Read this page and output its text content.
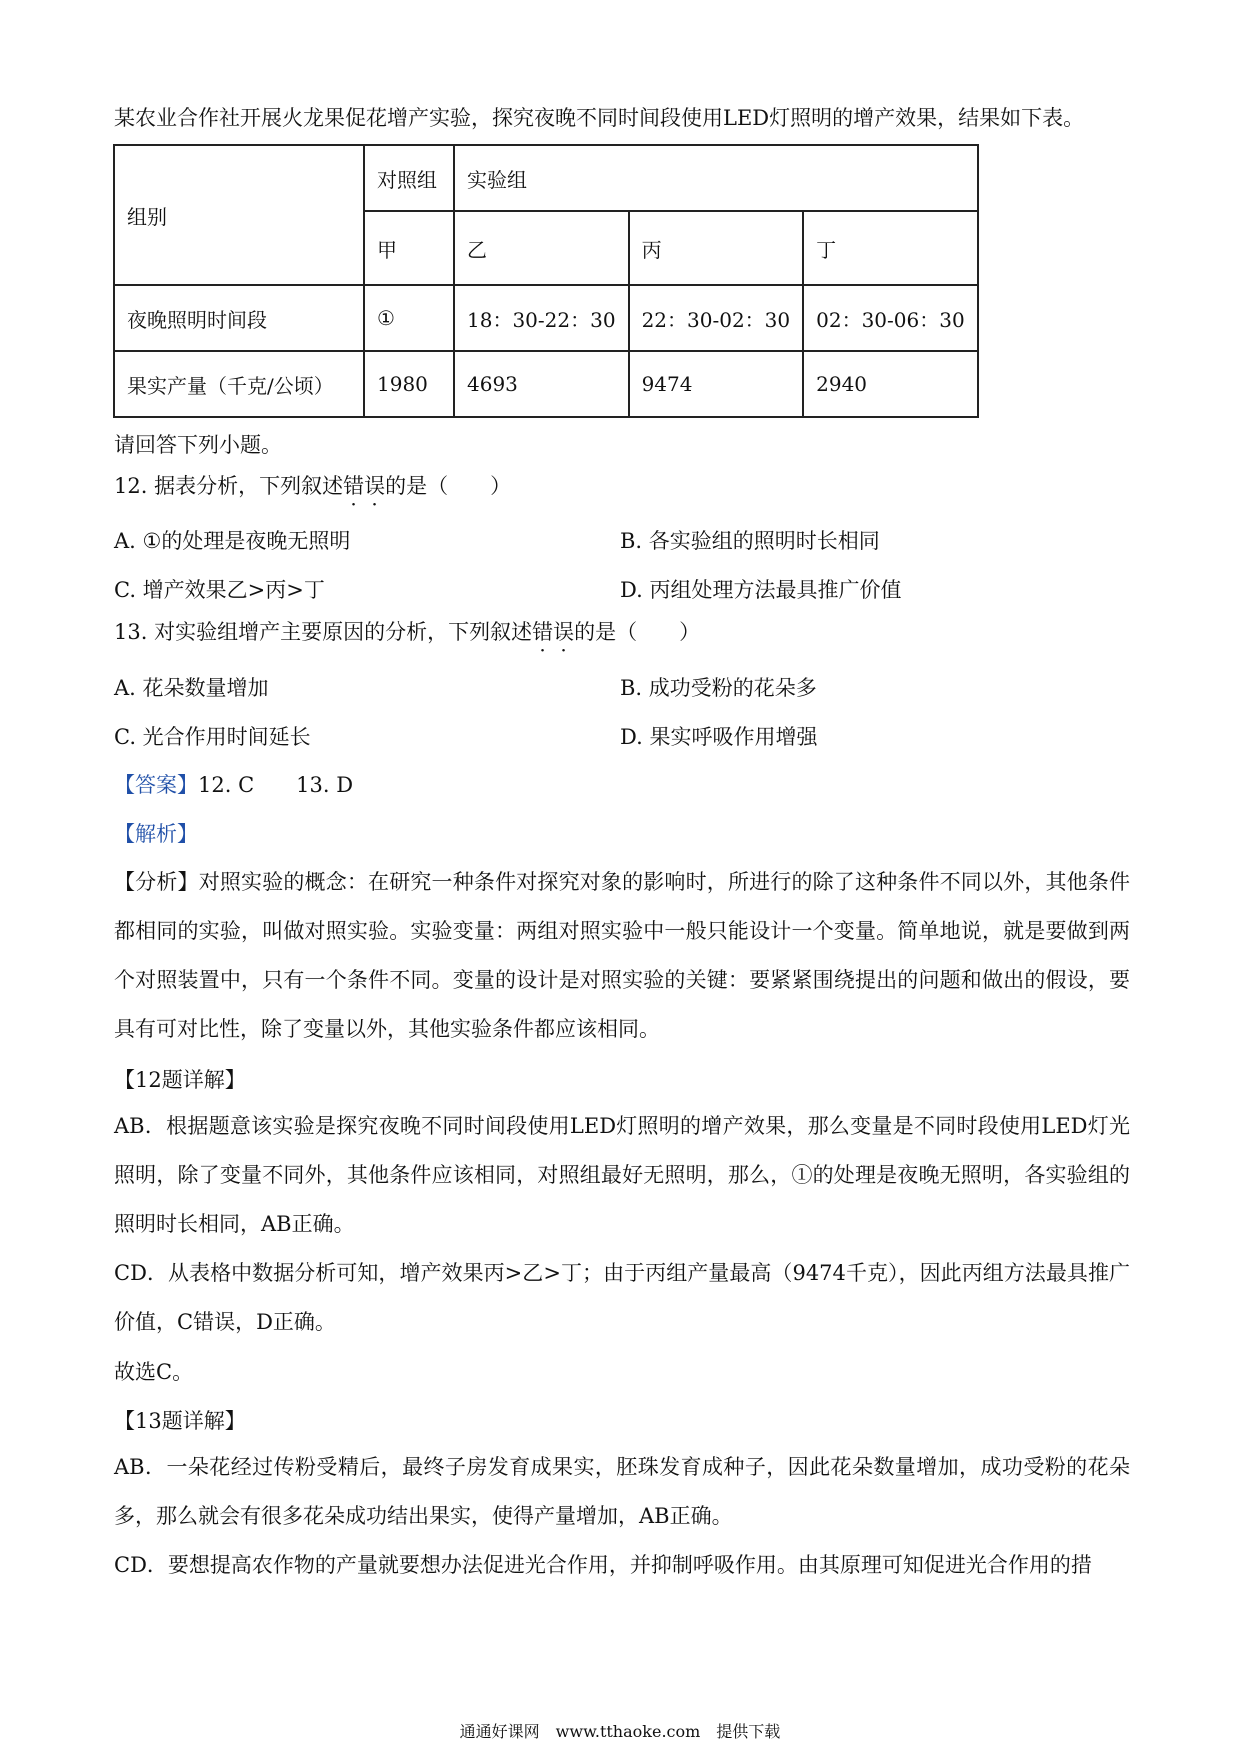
某农业合作社开展火龙果促花增产实验，探究夜晚不同时间段使用LED灯照明的增产效果，结果如下表。
组别	对照组	实验组		
	甲	乙	丙	丁
夜晚照明时间段	①	18：30-22：30	22：30-02：30	02：30-06：30
果实产量（千克/公顷）	1980	4693	9474	2940
请回答下列小题。
12. 据表分析，下列叙述错误的是（　　）
A. ①的处理是夜晚无照明	B. 各实验组的照明时长相同
C. 增产效果乙>丙>丁	D. 丙组处理方法最具推广价值
13. 对实验组增产主要原因的分析，下列叙述错误的是（　　）
A. 花朵数量增加	B. 成功受粉的花朵多
C. 光合作用时间延长	D. 果实呼吸作用增强
【答案】12. C　　13. D
【解析】
【分析】对照实验的概念：在研究一种条件对探究对象的影响时，所进行的除了这种条件不同以外，其他条件都相同的实验，叫做对照实验。实验变量：两组对照实验中一般只能设计一个变量。简单地说，就是要做到两个对照装置中，只有一个条件不同。变量的设计是对照实验的关键：要紧紧围绕提出的问题和做出的假设，要具有可对比性，除了变量以外，其他实验条件都应该相同。
【12题详解】
AB．根据题意该实验是探究夜晚不同时间段使用LED灯照明的增产效果，那么变量是不同时段使用LED灯光照明，除了变量不同外，其他条件应该相同，对照组最好无照明，那么，①的处理是夜晚无照明，各实验组的照明时长相同，AB正确。
CD．从表格中数据分析可知，增产效果丙>乙>丁；由于丙组产量最高（9474千克），因此丙组方法最具推广价值，C错误，D正确。
故选C。
【13题详解】
AB．一朵花经过传粉受精后，最终子房发育成果实，胚珠发育成种子，因此花朵数量增加，成功受粉的花朵多，那么就会有很多花朵成功结出果实，使得产量增加，AB正确。
CD．要想提高农作物的产量就要想办法促进光合作用，并抑制呼吸作用。由其原理可知促进光合作用的措
通通好课网　www.tthaoke.com　提供下载
